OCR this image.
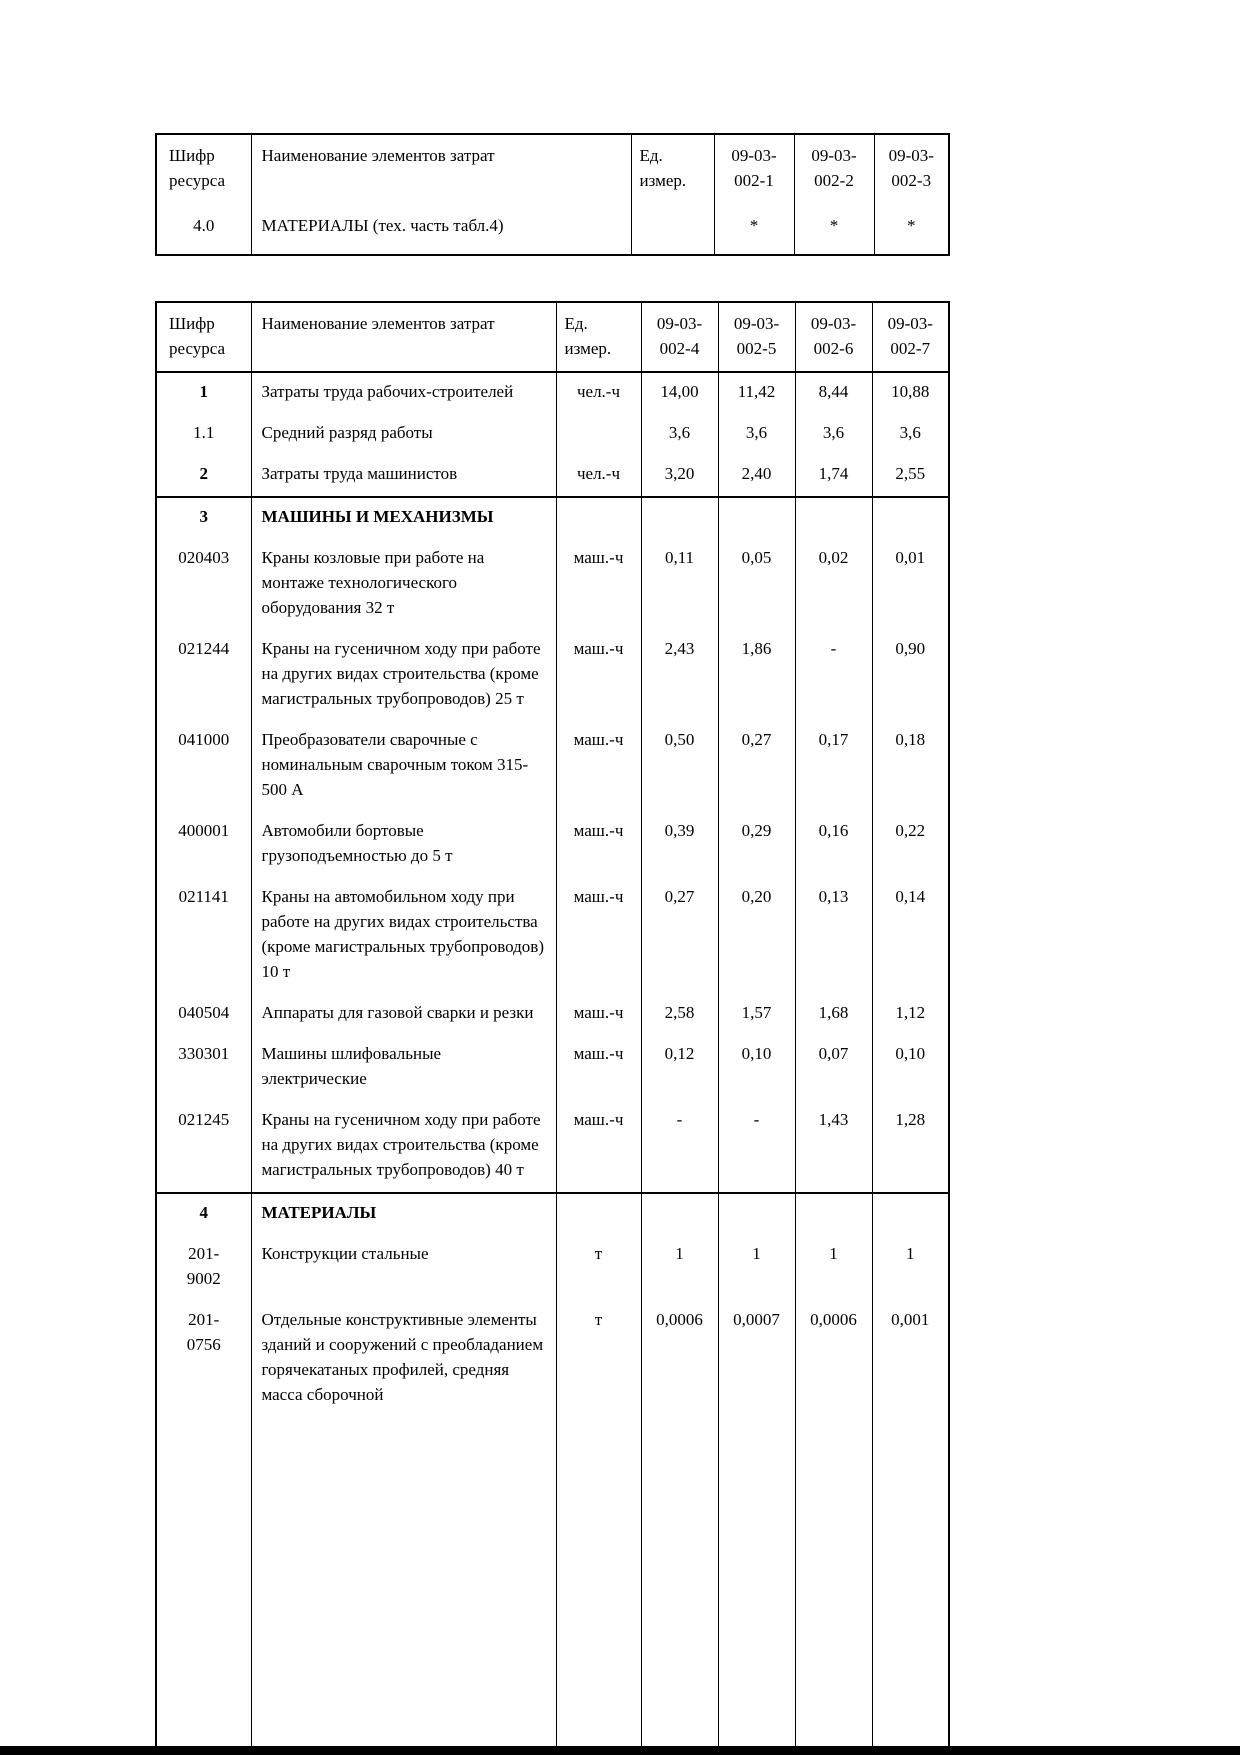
Шифр ресурса	Наименование элементов затрат	Ед. измер.	09-03-002-1	09-03-002-2	09-03-002-3
4.0	МАТЕРИАЛЫ (тех. часть табл.4)		*	*	*
Шифр ресурса	Наименование элементов затрат	Ед. измер.	09-03-002-4	09-03-002-5	09-03-002-6	09-03-002-7
1	Затраты труда рабочих-строителей	чел.-ч	14,00	11,42	8,44	10,88
1.1	Средний разряд работы		3,6	3,6	3,6	3,6
2	Затраты труда машинистов	чел.-ч	3,20	2,40	1,74	2,55
3	МАШИНЫ И МЕХАНИЗМЫ					
020403	Краны козловые при работе на монтаже технологического оборудования 32 т	маш.-ч	0,11	0,05	0,02	0,01
021244	Краны на гусеничном ходу при работе на других видах строительства (кроме магистральных трубопроводов) 25 т	маш.-ч	2,43	1,86	-	0,90
041000	Преобразователи сварочные с номинальным сварочным током 315-500 А	маш.-ч	0,50	0,27	0,17	0,18
400001	Автомобили бортовые грузоподъемностью до 5 т	маш.-ч	0,39	0,29	0,16	0,22
021141	Краны на автомобильном ходу при работе на других видах строительства (кроме магистральных трубопроводов) 10 т	маш.-ч	0,27	0,20	0,13	0,14
040504	Аппараты для газовой сварки и резки	маш.-ч	2,58	1,57	1,68	1,12
330301	Машины шлифовальные электрические	маш.-ч	0,12	0,10	0,07	0,10
021245	Краны на гусеничном ходу при работе на других видах строительства (кроме магистральных трубопроводов) 40 т	маш.-ч	-	-	1,43	1,28
4	МАТЕРИАЛЫ					
201-9002	Конструкции стальные	т	1	1	1	1
201-0756	Отдельные конструктивные элементы зданий и сооружений с преобладанием горячекатаных профилей, средняя масса сборочной	т	0,0006	0,0007	0,0006	0,001
